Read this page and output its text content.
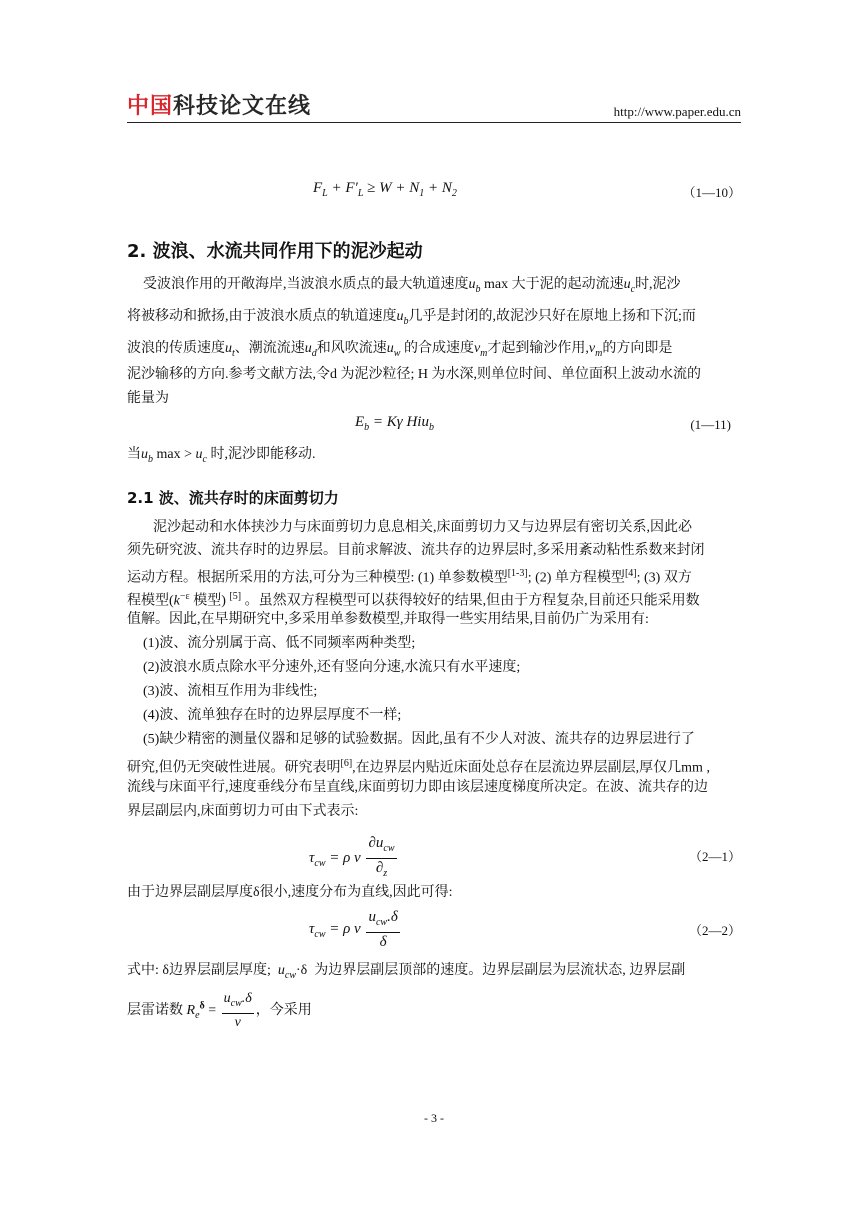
中国科技论文在线	http://www.paper.edu.cn
$F_L + F'_L \ge W + N_1 + N_2$	（1—10）
2. 波浪、水流共同作用下的泥沙起动
受波浪作用的开敞海岸,当波浪水质点的最大轨道速度$u_b$ max 大于泥的起动流速$u_c$时,泥沙
将被移动和掀扬,由于波浪水质点的轨道速度$u_b$几乎是封闭的,故泥沙只好在原地上扬和下沉;而
波浪的传质速度$u_t$、潮流流速$u_d$和风吹流速$u_w$ 的合成速度$v_m$才起到输沙作用$,v_m$的方向即是
泥沙输移的方向.参考文献方法,令d 为泥沙粒径; H 为水深,则单位时间、单位面积上波动水流的
能量为
$E_b = K\gamma$ Hiu$_b$	(1—11)
当$u_b$ $\max > u_c$ 时,泥沙即能移动.
2.1 波、流共存时的床面剪切力
泥沙起动和水体挟沙力与床面剪切力息息相关,床面剪切力又与边界层有密切关系,因此必
须先研究波、流共存时的边界层。目前求解波、流共存的边界层时,多采用紊动粘性系数来封闭
运动方程。根据所采用的方法,可分为三种模型: (1) 单参数模型[1-3]; (2) 单方程模型[4]; (3) 双方
程模型($k^{-\varepsilon}$ 模型) [5] 。虽然双方程模型可以获得较好的结果,但由于方程复杂,目前还只能采用数
值解。因此,在早期研究中,多采用单参数模型,并取得一些实用结果,目前仍广为采用有:
(1)波、流分别属于高、低不同频率两种类型;
(2)波浪水质点除水平分速外,还有竖向分速,水流只有水平速度;
(3)波、流相互作用为非线性;
(4)波、流单独存在时的边界层厚度不一样;
(5)缺少精密的测量仪器和足够的试验数据。因此,虽有不少人对波、流共存的边界层进行了
研究,但仍无突破性进展。研究表明[6],在边界层内贴近床面处总存在层流边界层副层,厚仅几mm ,
流线与床面平行,速度垂线分布呈直线,床面剪切力即由该层速度梯度所决定。在波、流共存的边
界层副层内,床面剪切力可由下式表示:
$\tau_{cw} = \rho$ v $\frac{\partial u_{cw}}{\partial_z}$	（2—1）
由于边界层副层厚度δ很小,速度分布为直线,因此可得:
$\tau_{cw} = \rho$ v $\frac{u_{cw}.\delta}{\delta}$	（2—2）
式中: δ边界层副层厚度; $u_{cw}\cdot\delta$  为边界层副层顶部的速度。边界层副层为层流状态, 边界层副
层雷诺数 $R_e^\delta = \frac{u_{cw}.\delta}{v}$ ，今采用
- 3 -
